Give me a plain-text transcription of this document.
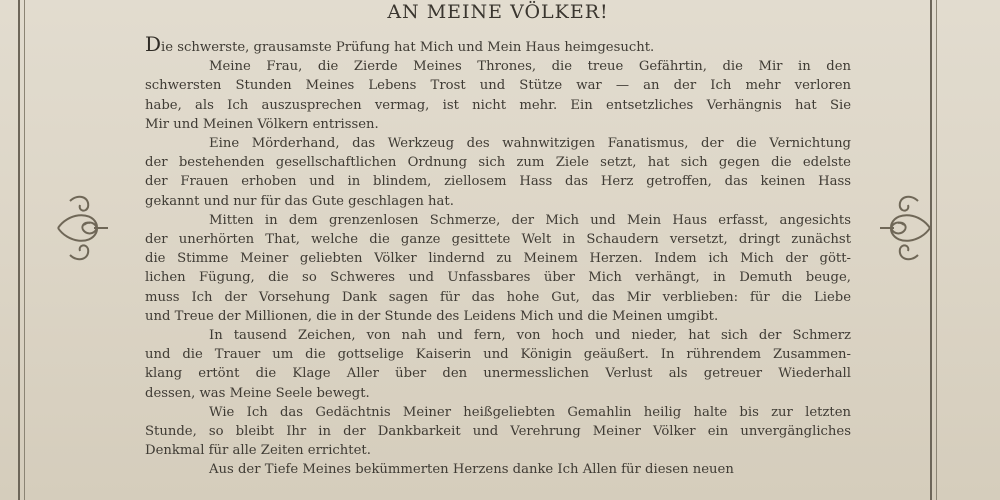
AN MEINE VÖLKER!
Die schwerste, grausamste Prüfung hat Mich und Mein Haus heimgesucht.
Meine Frau, die Zierde Meines Thrones, die treue Gefährtin, die Mir in den
schwersten Stunden Meines Lebens Trost und Stütze war — an der Ich mehr verloren
habe, als Ich auszusprechen vermag, ist nicht mehr. Ein entsetzliches Verhängnis hat Sie
Mir und Meinen Völkern entrissen.
Eine Mörderhand, das Werkzeug des wahnwitzigen Fanatismus, der die Vernichtung
der bestehenden gesellschaftlichen Ordnung sich zum Ziele setzt, hat sich gegen die edelste
der Frauen erhoben und in blindem, ziellosem Hass das Herz getroffen, das keinen Hass
gekannt und nur für das Gute geschlagen hat.
Mitten in dem grenzenlosen Schmerze, der Mich und Mein Haus erfasst, angesichts
der unerhörten That, welche die ganze gesittete Welt in Schaudern versetzt, dringt zunächst
die Stimme Meiner geliebten Völker lindernd zu Meinem Herzen. Indem ich Mich der gött-
lichen Fügung, die so Schweres und Unfassbares über Mich verhängt, in Demuth beuge,
muss Ich der Vorsehung Dank sagen für das hohe Gut, das Mir verblieben: für die Liebe
und Treue der Millionen, die in der Stunde des Leidens Mich und die Meinen umgibt.
In tausend Zeichen, von nah und fern, von hoch und nieder, hat sich der Schmerz
und die Trauer um die gottselige Kaiserin und Königin geäußert. In rührendem Zusammen-
klang ertönt die Klage Aller über den unermesslichen Verlust als getreuer Wiederhall
dessen, was Meine Seele bewegt.
Wie Ich das Gedächtnis Meiner heißgeliebten Gemahlin heilig halte bis zur letzten
Stunde, so bleibt Ihr in der Dankbarkeit und Verehrung Meiner Völker ein unvergängliches
Denkmal für alle Zeiten errichtet.
Aus der Tiefe Meines bekümmerten Herzens danke Ich Allen für diesen neuen
